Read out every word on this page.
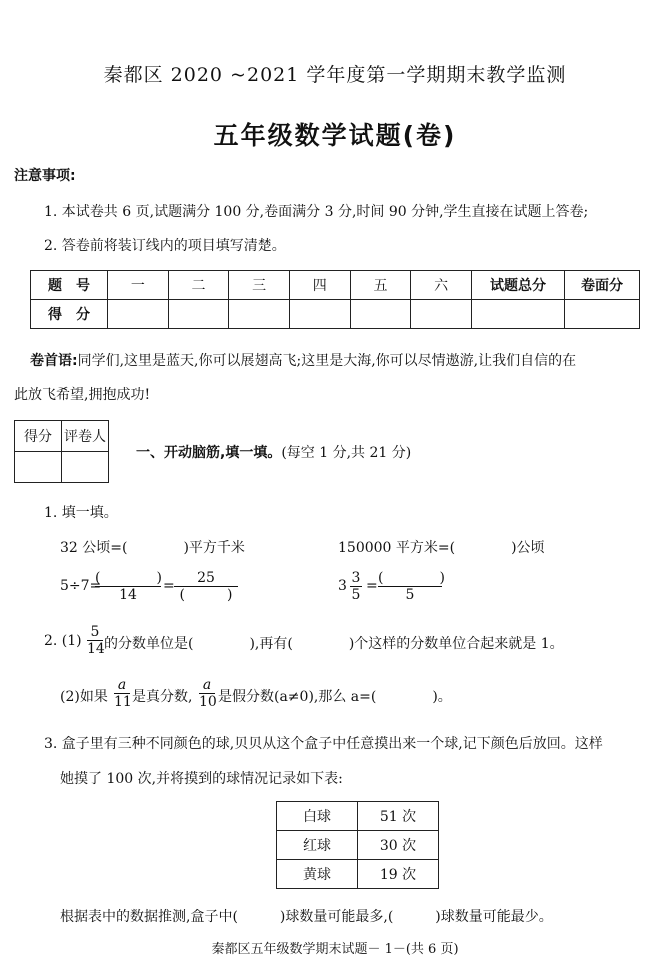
秦都区 2020 ~2021 学年度第一学期期末教学监测
五年级数学试题(卷)
注意事项:
1. 本试卷共 6 页,试题满分 100 分,卷面满分 3 分,时间 90 分钟,学生直接在试题上答卷;
2. 答卷前将装订线内的项目填写清楚。
题　号	一	二	三	四	五	六	试题总分	卷面分
得　分								
卷首语:同学们,这里是蓝天,你可以展翅高飞;这里是大海,你可以尽情遨游,让我们自信的在
此放飞希望,拥抱成功!
得分	评卷人

一、开动脑筋,填一填。(每空 1 分,共 21 分)
1. 填一填。
32 公顷=(　　　　)平方千米	150000 平方米=(　　　　)公顷
5÷7=
(　　　　)
14
=	25
(　　　)
3 3
5
= (　　　　)
5
2. (1)
5
14 的分数单位是(　　　　),再有(　　　　)个这样的分数单位合起来就是 1。
(2)如果
a
11 是真分数,
a
10 是假分数(a≠0),那么 a=(　　　　)。
3. 盒子里有三种不同颜色的球,贝贝从这个盒子中任意摸出来一个球,记下颜色后放回。这样
她摸了 100 次,并将摸到的球情况记录如下表:
白球	51 次
红球	30 次
黄球	19 次
根据表中的数据推测,盒子中(　　　)球数量可能最多,(　　　)球数量可能最少。
秦都区五年级数学期末试题－ 1－(共 6 页)
